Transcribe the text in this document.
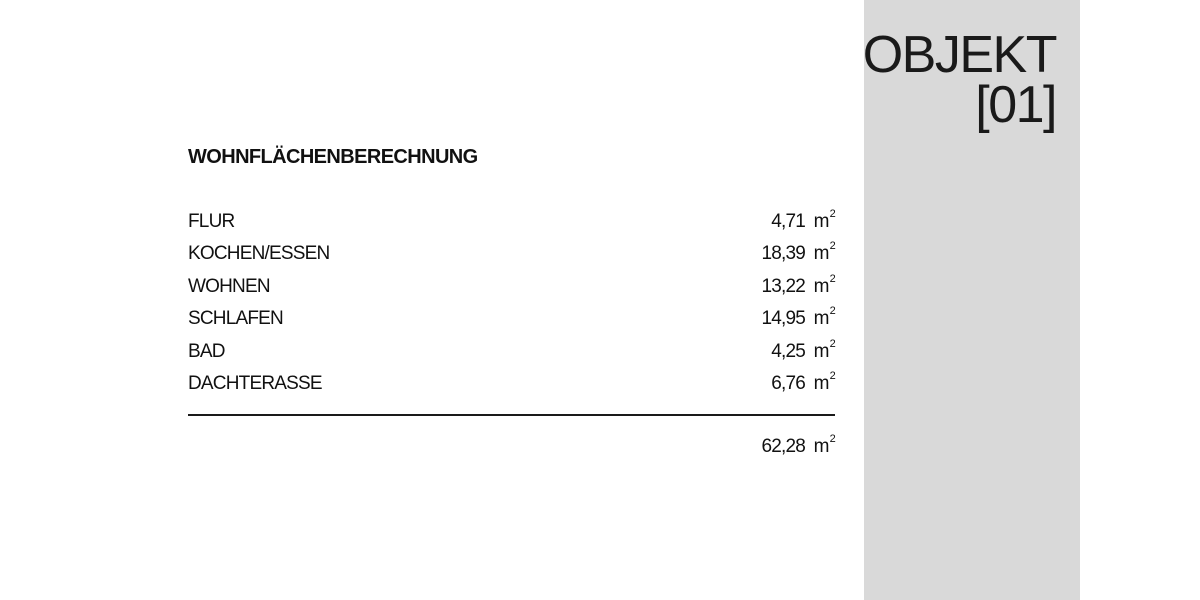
OBJEKT
[01]
WOHNFLÄCHENBERECHNUNG
FLUR	4,71 $m^2$
KOCHEN/ESSEN	18,39 $m^2$
WOHNEN	13,22 $m^2$
SCHLAFEN	14,95 $m^2$
BAD	4,25 $m^2$
DACHTERASSE	6,76 $m^2$
62,28 $m^2$
